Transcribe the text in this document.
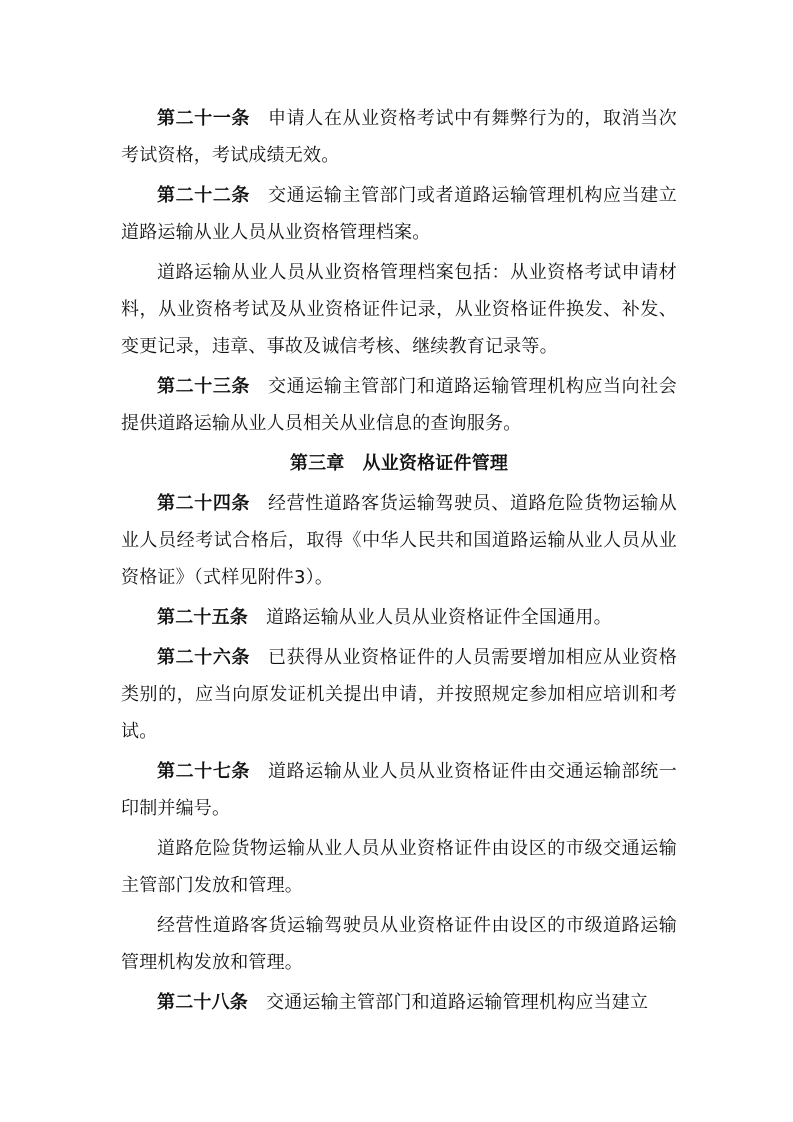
第二十一条 申请人在从业资格考试中有舞弊行为的，取消当次考试资格，考试成绩无效。

第二十二条 交通运输主管部门或者道路运输管理机构应当建立道路运输从业人员从业资格管理档案。

道路运输从业人员从业资格管理档案包括：从业资格考试申请材料，从业资格考试及从业资格证件记录，从业资格证件换发、补发、变更记录，违章、事故及诚信考核、继续教育记录等。

第二十三条 交通运输主管部门和道路运输管理机构应当向社会提供道路运输从业人员相关从业信息的查询服务。

第三章 从业资格证件管理

第二十四条 经营性道路客货运输驾驶员、道路危险货物运输从业人员经考试合格后，取得《中华人民共和国道路运输从业人员从业资格证》（式样见附件3）。

第二十五条 道路运输从业人员从业资格证件全国通用。

第二十六条 已获得从业资格证件的人员需要增加相应从业资格类别的，应当向原发证机关提出申请，并按照规定参加相应培训和考试。

第二十七条 道路运输从业人员从业资格证件由交通运输部统一印制并编号。

道路危险货物运输从业人员从业资格证件由设区的市级交通运输主管部门发放和管理。

经营性道路客货运输驾驶员从业资格证件由设区的市级道路运输管理机构发放和管理。

第二十八条 交通运输主管部门和道路运输管理机构应当建立
